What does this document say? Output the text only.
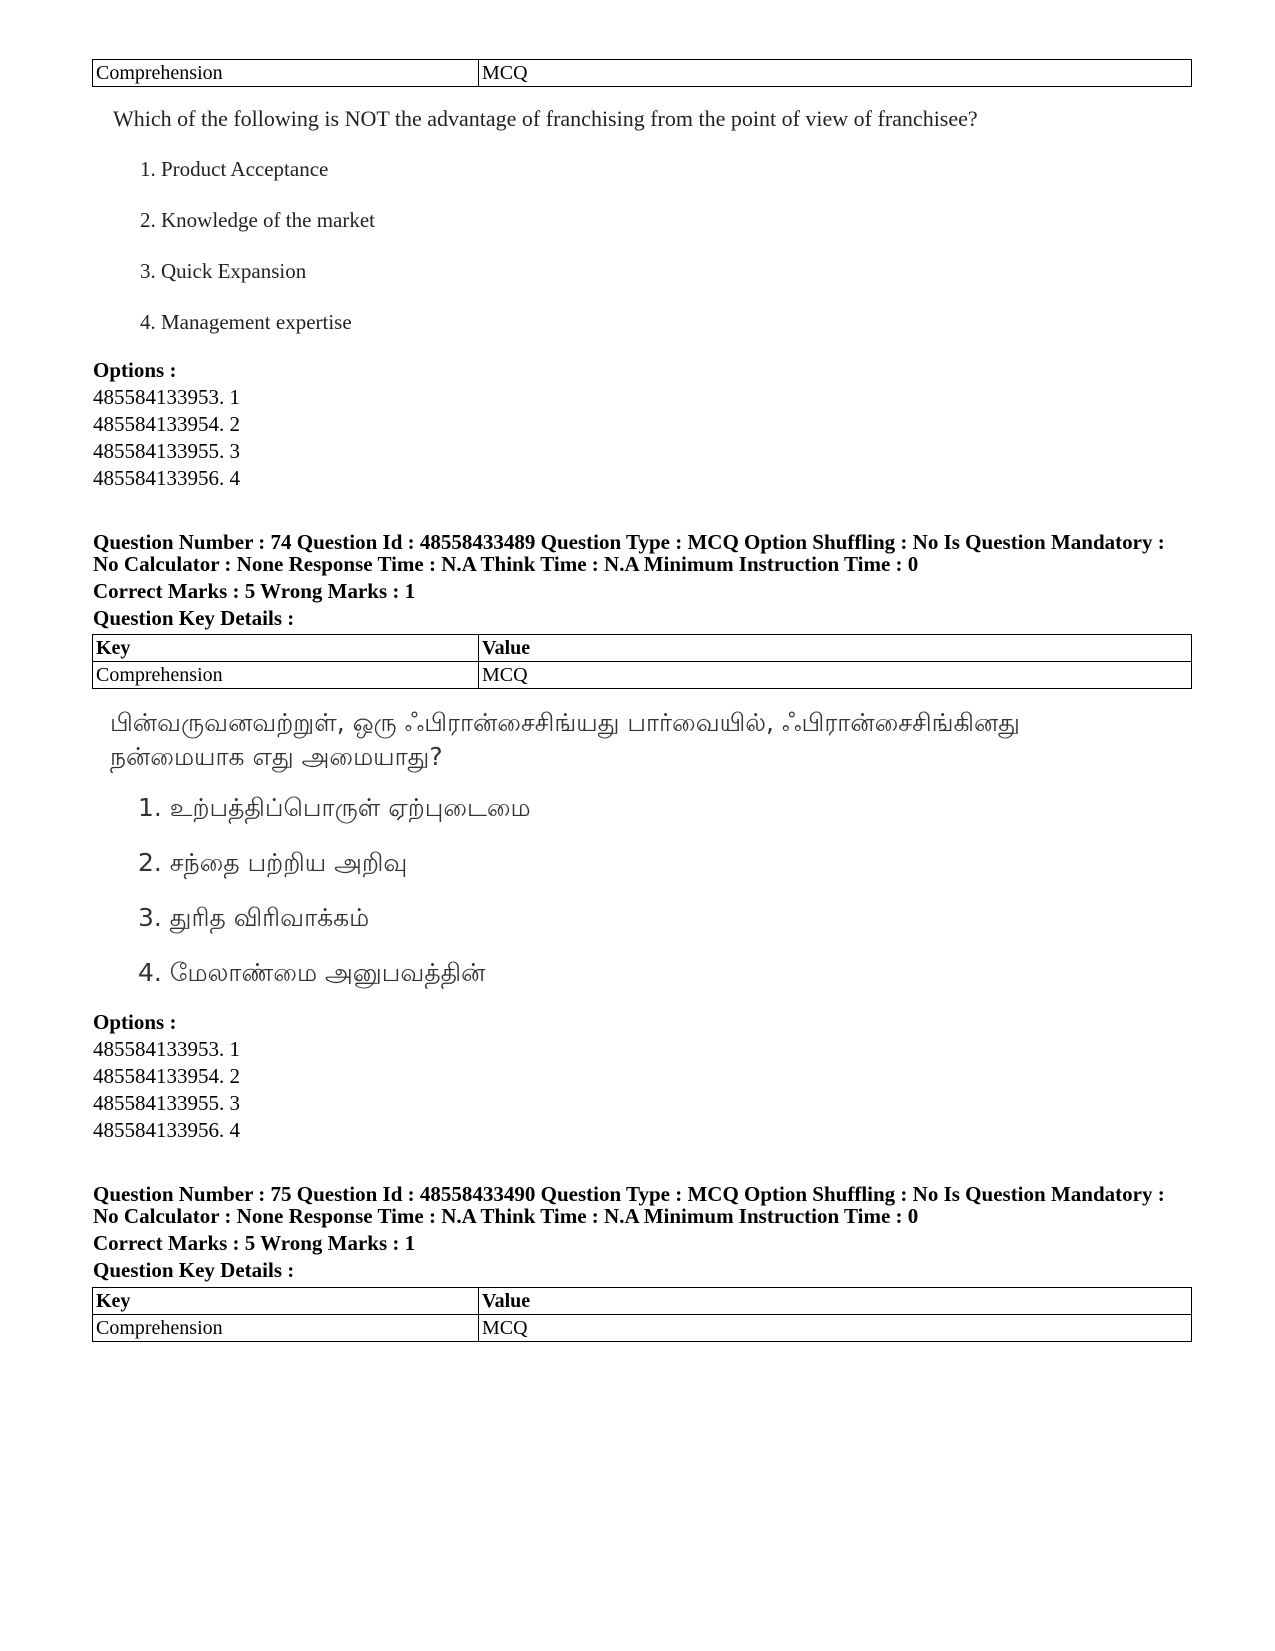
Comprehension	MCQ
Which of the following is NOT the advantage of franchising from the point of view of franchisee?
1. Product Acceptance
2. Knowledge of the market
3. Quick Expansion
4. Management expertise
Options :
485584133953. 1
485584133954. 2
485584133955. 3
485584133956. 4
Question Number : 74 Question Id : 48558433489 Question Type : MCQ Option Shuffling : No Is Question Mandatory :
No Calculator : None Response Time : N.A Think Time : N.A Minimum Instruction Time : 0
Correct Marks : 5 Wrong Marks : 1
Question Key Details :
Key	Value
Comprehension	MCQ
பின்வருவனவற்றுள், ஒரு ஃபிரான்சைசிங்யது பார்வையில், ஃபிரான்சைசிங்கினது
நன்மையாக எது அமையாது?
1. உற்பத்திப்பொருள் ஏற்புடைமை
2. சந்தை பற்றிய அறிவு
3. துரித விரிவாக்கம்
4. மேலாண்மை அனுபவத்தின்
Options :
485584133953. 1
485584133954. 2
485584133955. 3
485584133956. 4
Question Number : 75 Question Id : 48558433490 Question Type : MCQ Option Shuffling : No Is Question Mandatory :
No Calculator : None Response Time : N.A Think Time : N.A Minimum Instruction Time : 0
Correct Marks : 5 Wrong Marks : 1
Question Key Details :
Key	Value
Comprehension	MCQ
